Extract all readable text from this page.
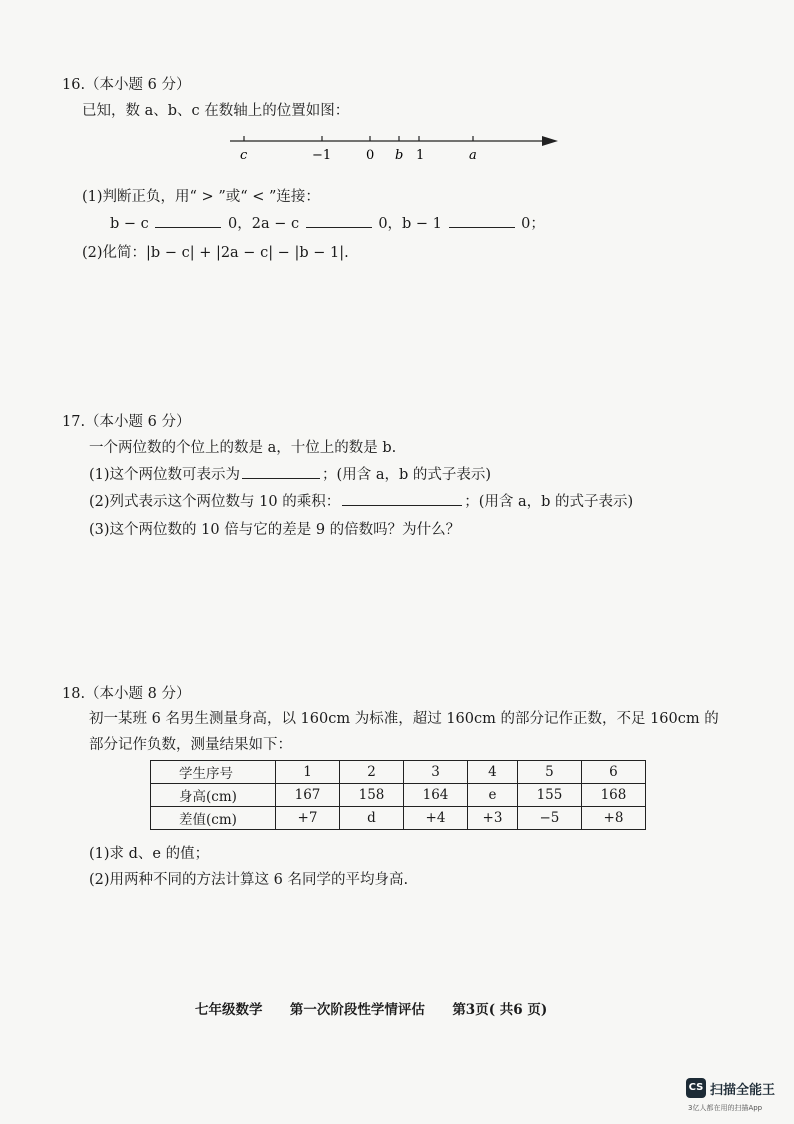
16.（本小题 6 分）
已知，数 a、b、c 在数轴上的位置如图：
c	−1	0 b 1	a
(1)判断正负，用“ > ”或“ < ”连接：
b − c	0，2a − c	0，b − 1	0；
(2)化简：|b − c| + |2a − c| − |b − 1|.
17.（本小题 6 分）
一个两位数的个位上的数是 a，十位上的数是 b.
(1)这个两位数可表示为	；(用含 a，b 的式子表示)
(2)列式表示这个两位数与 10 的乘积：	；(用含 a，b 的式子表示)
(3)这个两位数的 10 倍与它的差是 9 的倍数吗？为什么？
18.（本小题 8 分）
初一某班 6 名男生测量身高，以 160cm 为标准，超过 160cm 的部分记作正数，不足 160cm 的
部分记作负数，测量结果如下：
学生序号	1	2	3	4	5	6
身高(cm)	167	158	164	e	155	168
差值(cm)	+7	d	+4	+3	−5	+8
(1)求 d、e 的值；
(2)用两种不同的方法计算这 6 名同学的平均身高.
七年级数学 第一次阶段性学情评估 第3页( 共6 页)
CS 扫描全能王
3亿人都在用的扫描App
